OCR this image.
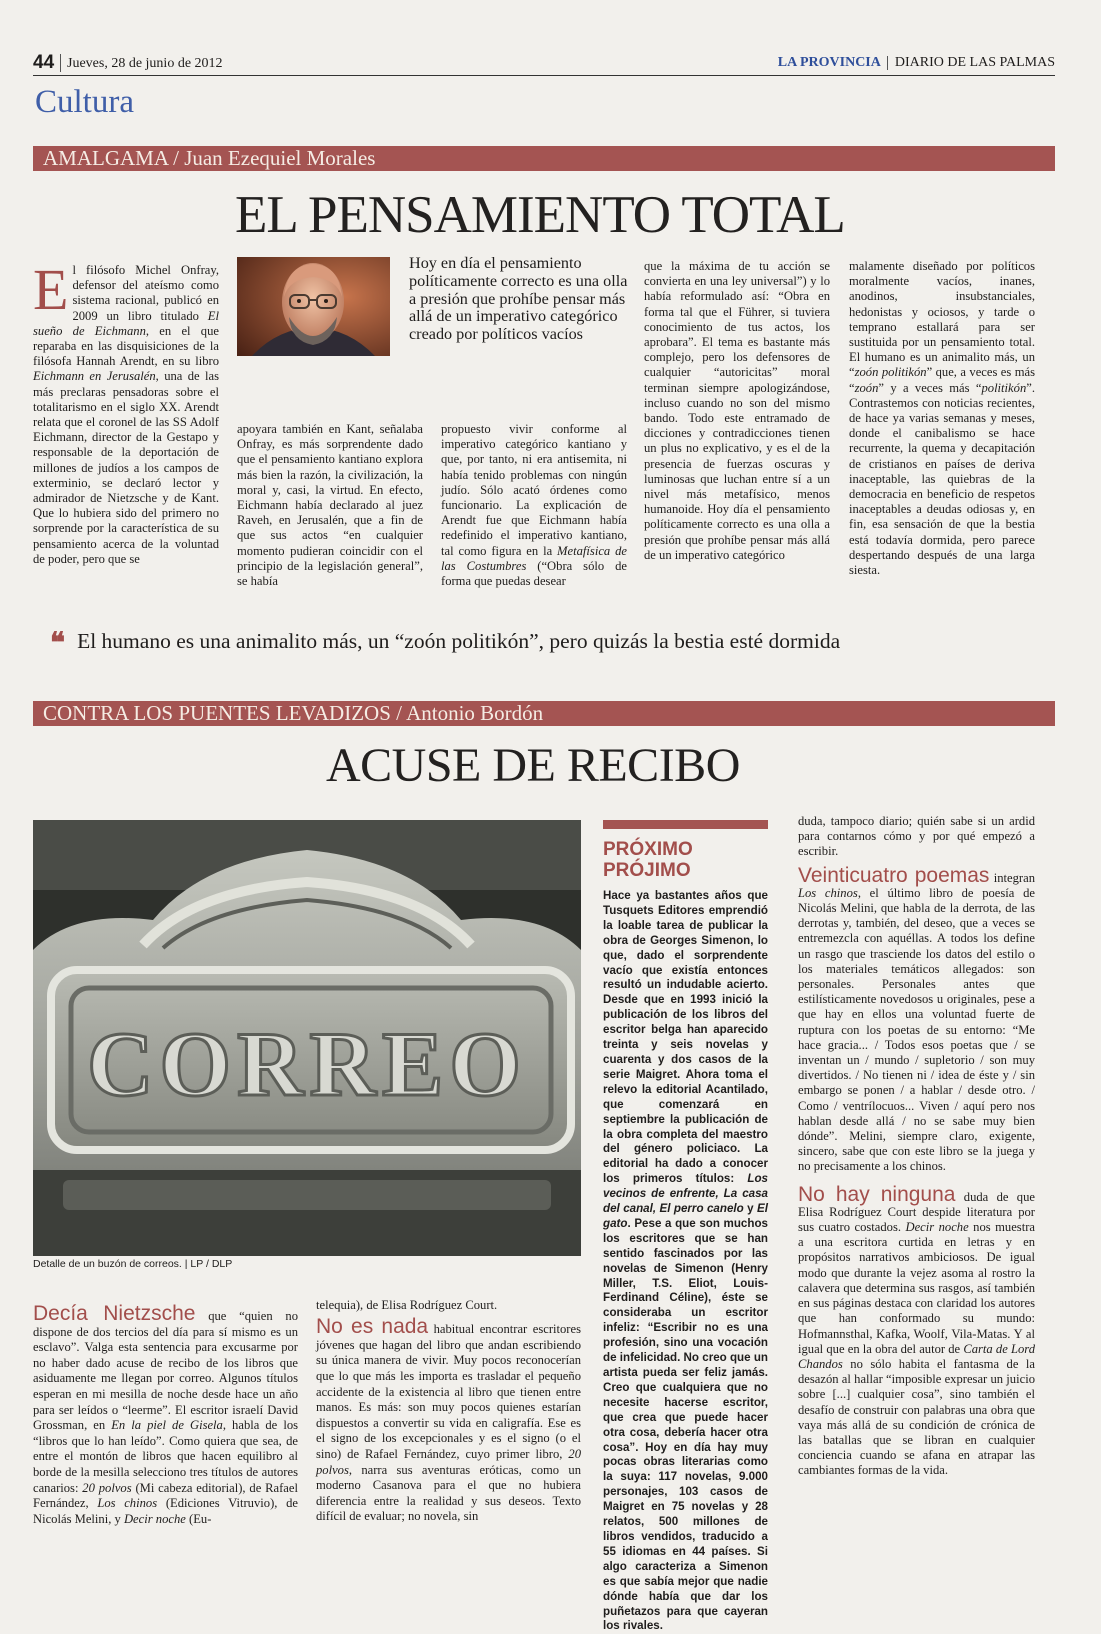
44 Jueves, 28 de junio de 2012	LA PROVINCIA DIARIO DE LAS PALMAS
Cultura
AMALGAMA / Juan Ezequiel Morales
EL PENSAMIENTO TOTAL

El filósofo Michel Onfray, defensor del ateísmo como sistema racional, publicó en 2009 un libro titulado El sueño de Eichmann, en el que reparaba en las disquisiciones de la filósofa Hannah Arendt, en su libro Eichmann en Jerusalén, una de las más preclaras pensadoras sobre el totalitarismo en el siglo XX. Arendt relata que el coronel de las SS Adolf Eichmann, director de la Gestapo y responsable de la deportación de millones de judíos a los campos de exterminio, se declaró lector y admirador de Nietzsche y de Kant. Que lo hubiera sido del primero no sorprende por la característica de su pensamiento acerca de la voluntad de poder, pero que se

Hoy en día el pensamiento políticamente correcto es una olla a presión que prohíbe pensar más allá de un imperativo categórico creado por políticos vacíos

apoyara también en Kant, señalaba Onfray, es más sorprendente dado que el pensamiento kantiano explora más bien la razón, la civilización, la moral y, casi, la virtud. En efecto, Eichmann había declarado al juez Raveh, en Jerusalén, que a fin de que sus actos “en cualquier momento pudieran coincidir con el principio de la legislación general”, se había

propuesto vivir conforme al imperativo categórico kantiano y que, por tanto, ni era antisemita, ni había tenido problemas con ningún judío. Sólo acató órdenes como funcionario. La explicación de Arendt fue que Eichmann había redefinido el imperativo kantiano, tal como figura en la Metafísica de las Costumbres (“Obra sólo de forma que puedas desear

que la máxima de tu acción se convierta en una ley universal”) y lo había reformulado así: “Obra en forma tal que el Führer, si tuviera conocimiento de tus actos, los aprobara”. El tema es bastante más complejo, pero los defensores de cualquier “autoricitas” moral terminan siempre apologizándose, incluso cuando no son del mismo bando. Todo este entramado de dicciones y contradicciones tienen un plus no explicativo, y es el de la presencia de fuerzas oscuras y luminosas que luchan entre sí a un nivel más metafísico, menos humanoide. Hoy día el pensamiento políticamente correcto es una olla a presión que prohíbe pensar más allá de un imperativo categórico

malamente diseñado por políticos moralmente vacíos, inanes, anodinos, insubstanciales, hedonistas y ociosos, y tarde o temprano estallará para ser sustituida por un pensamiento total. El humano es un animalito más, un “zoón politikón” que, a veces es más “zoón” y a veces más “politikón”. Contrastemos con noticias recientes, de hace ya varias semanas y meses, donde el canibalismo se hace recurrente, la quema y decapitación de cristianos en países de deriva inaceptable, las quiebras de la democracia en beneficio de respetos inaceptables a deudas odiosas y, en fin, esa sensación de que la bestia está todavía dormida, pero parece despertando después de una larga siesta.

❝ El humano es una animalito más, un “zoón politikón”, pero quizás la bestia esté dormida
CONTRA LOS PUENTES LEVADIZOS / Antonio Bordón
ACUSE DE RECIBO
CORREO
Detalle de un buzón de correos. | LP / DLP

Decía Nietzsche que “quien no dispone de dos tercios del día para sí mismo es un esclavo”. Valga esta sentencia para excusarme por no haber dado acuse de recibo de los libros que asiduamente me llegan por correo. Algunos títulos esperan en mi mesilla de noche desde hace un año para ser leídos o “leerme”. El escritor israelí David Grossman, en En la piel de Gisela, habla de los “libros que lo han leído”. Como quiera que sea, de entre el montón de libros que hacen equilibro al borde de la mesilla selecciono tres títulos de autores canarios: 20 polvos (Mi cabeza editorial), de Rafael Fernández, Los chinos (Ediciones Vitruvio), de Nicolás Melini, y Decir noche (Eu-

telequia), de Elisa Rodríguez Court.

No es nada habitual encontrar escritores jóvenes que hagan del libro que andan escribiendo su única manera de vivir. Muy pocos reconocerían que lo que más les importa es trasladar el pequeño accidente de la existencia al libro que tienen entre manos. Es más: son muy pocos quienes estarían dispuestos a convertir su vida en caligrafía. Ese es el signo de los excepcionales y es el signo (o el sino) de Rafael Fernández, cuyo primer libro, 20 polvos, narra sus aventuras eróticas, como un moderno Casanova para el que no hubiera diferencia entre la realidad y sus deseos. Texto difícil de evaluar; no novela, sin

PRÓXIMO
PRÓJIMO

Hace ya bastantes años que Tusquets Editores emprendió la loable tarea de publicar la obra de Georges Simenon, lo que, dado el sorprendente vacío que existía entonces resultó un indudable acierto. Desde que en 1993 inició la publicación de los libros del escritor belga han aparecido treinta y seis novelas y cuarenta y dos casos de la serie Maigret. Ahora toma el relevo la editorial Acantilado, que comenzará en septiembre la publicación de la obra completa del maestro del género policiaco. La editorial ha dado a conocer los primeros títulos: Los vecinos de enfrente, La casa del canal, El perro canelo y El gato. Pese a que son muchos los escritores que se han sentido fascinados por las novelas de Simenon (Henry Miller, T.S. Eliot, Louis-Ferdinand Céline), éste se consideraba un escritor infeliz: “Escribir no es una profesión, sino una vocación de infelicidad. No creo que un artista pueda ser feliz jamás. Creo que cualquiera que no necesite hacerse escritor, que crea que puede hacer otra cosa, debería hacer otra cosa”. Hoy en día hay muy pocas obras literarias como la suya: 117 novelas, 9.000 personajes, 103 casos de Maigret en 75 novelas y 28 relatos, 500 millones de libros vendidos, traducido a 55 idiomas en 44 países. Si algo caracteriza a Simenon es que sabía mejor que nadie dónde había que dar los puñetazos para que cayeran los rivales.

duda, tampoco diario; quién sabe si un ardid para contarnos cómo y por qué empezó a escribir.

Veinticuatro poemas integran Los chinos, el último libro de poesía de Nicolás Melini, que habla de la derrota, de las derrotas y, también, del deseo, que a veces se entremezcla con aquéllas. A todos los define un rasgo que trasciende los datos del estilo o los materiales temáticos allegados: son personales. Personales antes que estilísticamente novedosos u originales, pese a que hay en ellos una voluntad fuerte de ruptura con los poetas de su entorno: “Me hace gracia... / Todos esos poetas que / se inventan un / mundo / supletorio / son muy divertidos. / No tienen ni / idea de éste y / sin embargo se ponen / a hablar / desde otro. / Como / ventrílocuos... Viven / aquí pero nos hablan desde allá / no se sabe muy bien dónde”. Melini, siempre claro, exigente, sincero, sabe que con este libro se la juega y no precisamente a los chinos.

No hay ninguna duda de que Elisa Rodríguez Court despide literatura por sus cuatro costados. Decir noche nos muestra a una escritora curtida en letras y en propósitos narrativos ambiciosos. De igual modo que durante la vejez asoma al rostro la calavera que determina sus rasgos, así también en sus páginas destaca con claridad los autores que han conformado su mundo: Hofmannsthal, Kafka, Woolf, Vila-Matas. Y al igual que en la obra del autor de Carta de Lord Chandos no sólo habita el fantasma de la desazón al hallar “imposible expresar un juicio sobre [...] cualquier cosa”, sino también el desafío de construir con palabras una obra que vaya más allá de su condición de crónica de las batallas que se libran en cualquier conciencia cuando se afana en atrapar las cambiantes formas de la vida.
